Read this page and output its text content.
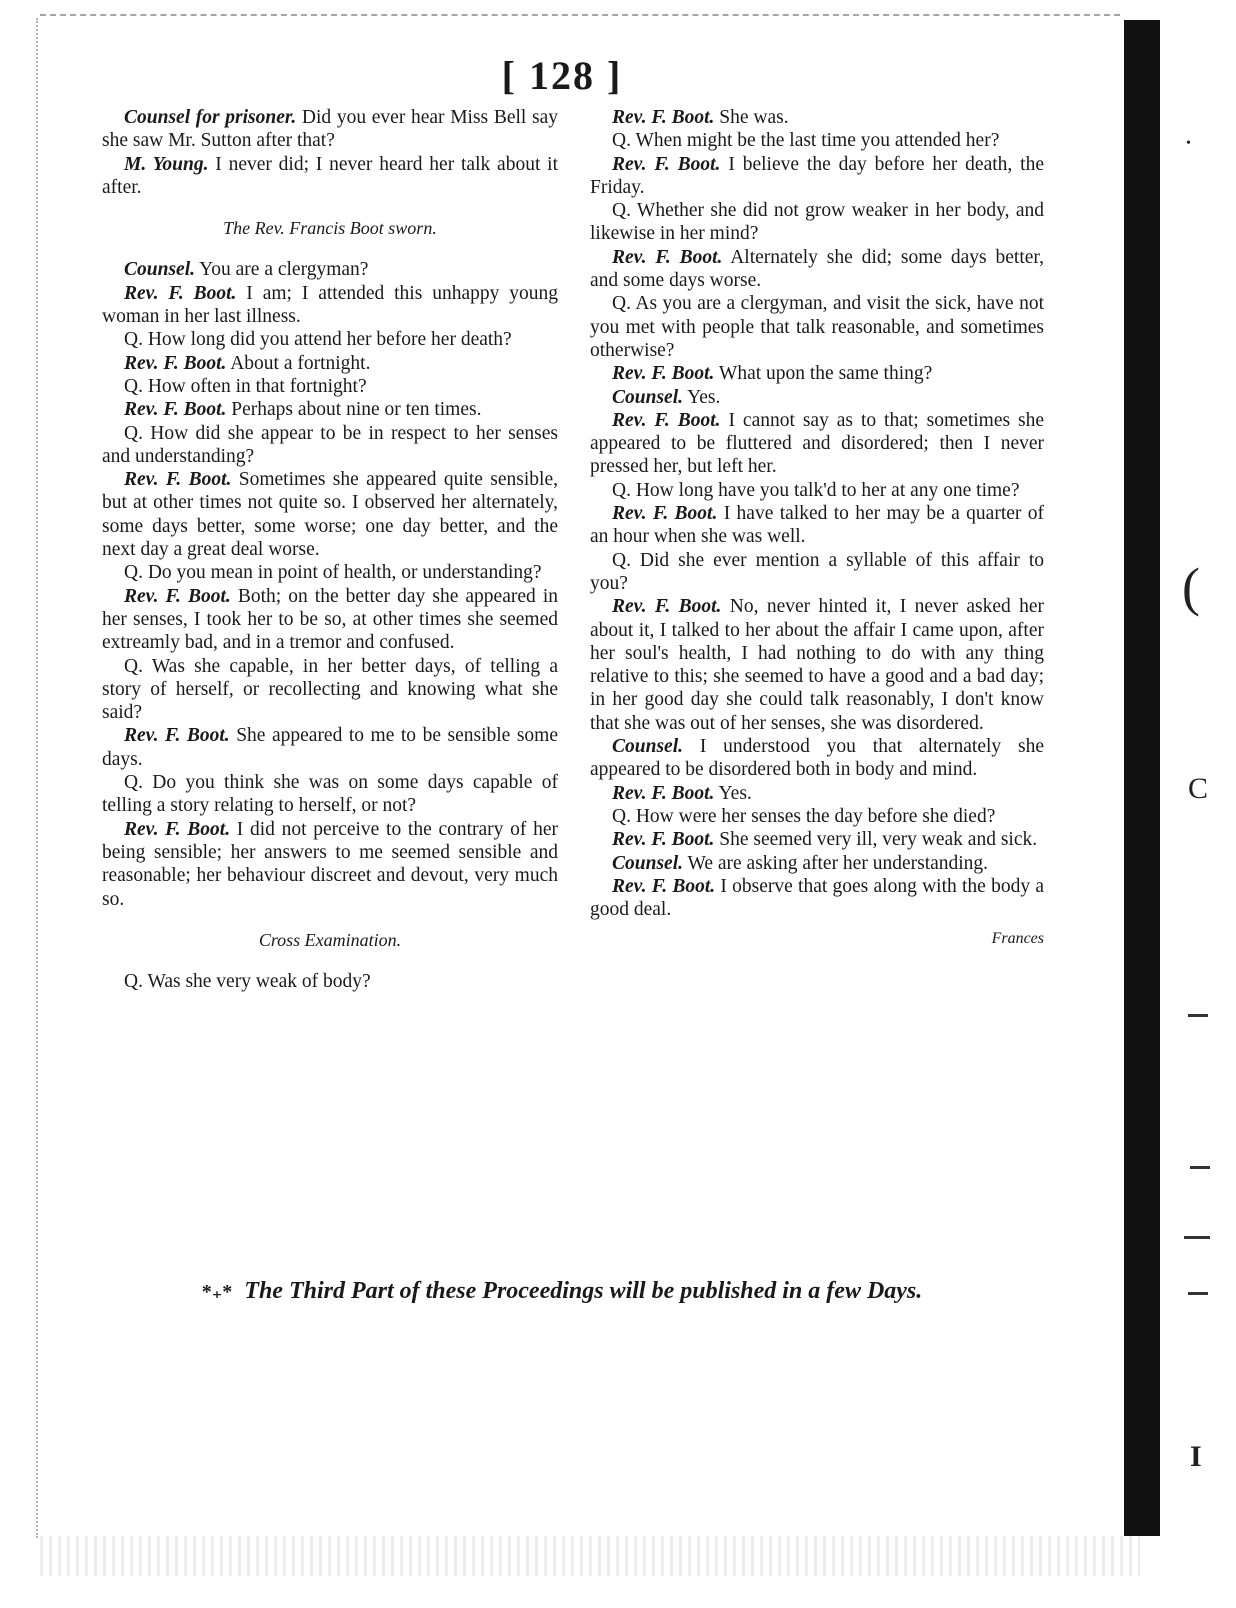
•
(
C
I
[ 128 ]

Counsel for prisoner. Did you ever hear Miss Bell say she saw Mr. Sutton after that?

M. Young. I never did; I never heard her talk about it after.

The Rev. Francis Boot sworn.

Counsel. You are a clergyman?

Rev. F. Boot. I am; I attended this unhappy young woman in her last illness.

Q. How long did you attend her before her death?

Rev. F. Boot. About a fortnight.

Q. How often in that fortnight?

Rev. F. Boot. Perhaps about nine or ten times.

Q. How did she appear to be in respect to her senses and understanding?

Rev. F. Boot. Sometimes she appeared quite sensible, but at other times not quite so. I observed her alternately, some days better, some worse; one day better, and the next day a great deal worse.

Q. Do you mean in point of health, or understanding?

Rev. F. Boot. Both; on the better day she appeared in her senses, I took her to be so, at other times she seemed extreamly bad, and in a tremor and confused.

Q. Was she capable, in her better days, of telling a story of herself, or recollecting and knowing what she said?

Rev. F. Boot. She appeared to me to be sensible some days.

Q. Do you think she was on some days capable of telling a story relating to herself, or not?

Rev. F. Boot. I did not perceive to the contrary of her being sensible; her answers to me seemed sensible and reasonable; her behaviour discreet and devout, very much so.

Cross Examination.

Q. Was she very weak of body?

Rev. F. Boot. She was.

Q. When might be the last time you attended her?

Rev. F. Boot. I believe the day before her death, the Friday.

Q. Whether she did not grow weaker in her body, and likewise in her mind?

Rev. F. Boot. Alternately she did; some days better, and some days worse.

Q. As you are a clergyman, and visit the sick, have not you met with people that talk reasonable, and sometimes otherwise?

Rev. F. Boot. What upon the same thing?

Counsel. Yes.

Rev. F. Boot. I cannot say as to that; sometimes she appeared to be fluttered and disordered; then I never pressed her, but left her.

Q. How long have you talk'd to her at any one time?

Rev. F. Boot. I have talked to her may be a quarter of an hour when she was well.

Q. Did she ever mention a syllable of this affair to you?

Rev. F. Boot. No, never hinted it, I never asked her about it, I talked to her about the affair I came upon, after her soul's health, I had nothing to do with any thing relative to this; she seemed to have a good and a bad day; in her good day she could talk reasonably, I don't know that she was out of her senses, she was disordered.

Counsel. I understood you that alternately she appeared to be disordered both in body and mind.

Rev. F. Boot. Yes.

Q. How were her senses the day before she died?

Rev. F. Boot. She seemed very ill, very weak and sick.

Counsel. We are asking after her understanding.

Rev. F. Boot. I observe that goes along with the body a good deal.

Frances
*₊* The Third Part of these Proceedings will be published in a few Days.
